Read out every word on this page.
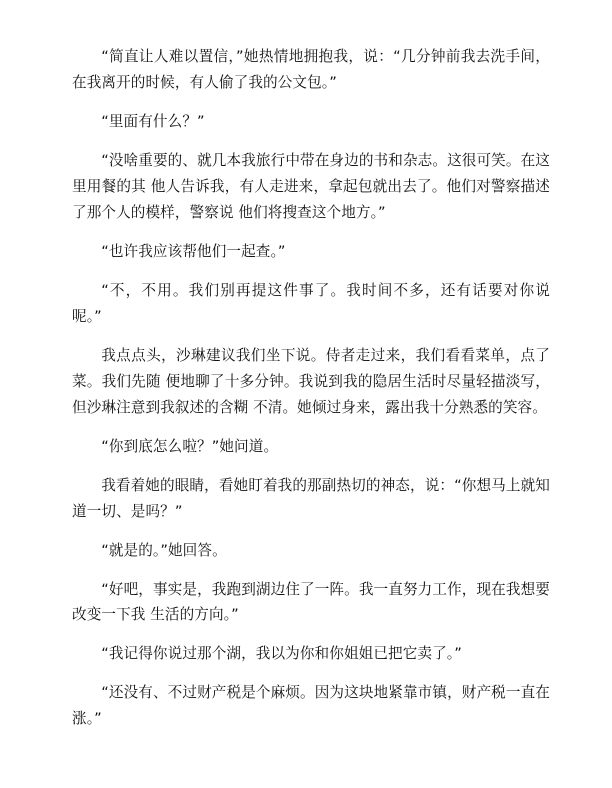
“简直让人难以置信，”她热情地拥抱我，说：“几分钟前我去洗手间，在我离开的时候，有人偷了我的公文包。”

“里面有什么？”

“没啥重要的、就几本我旅行中带在身边的书和杂志。这很可笑。在这里用餐的其 他人告诉我，有人走进来，拿起包就出去了。他们对警察描述了那个人的模样，警察说 他们将搜查这个地方。”

“也许我应该帮他们一起查。”

“不，不用。我们别再提这件事了。我时间不多，还有话要对你说呢。”

我点点头，沙琳建议我们坐下说。侍者走过来，我们看看菜单，点了菜。我们先随 便地聊了十多分钟。我说到我的隐居生活时尽量轻描淡写，但沙琳注意到我叙述的含糊 不清。她倾过身来，露出我十分熟悉的笑容。

“你到底怎么啦？”她问道。

我看着她的眼睛，看她盯着我的那副热切的神态，说：“你想马上就知道一切、是吗？”

“就是的。”她回答。

“好吧，事实是，我跑到湖边住了一阵。我一直努力工作，现在我想要改变一下我 生活的方向。”

“我记得你说过那个湖，我以为你和你姐姐已把它卖了。”

“还没有、不过财产税是个麻烦。因为这块地紧靠市镇，财产税一直在涨。”
